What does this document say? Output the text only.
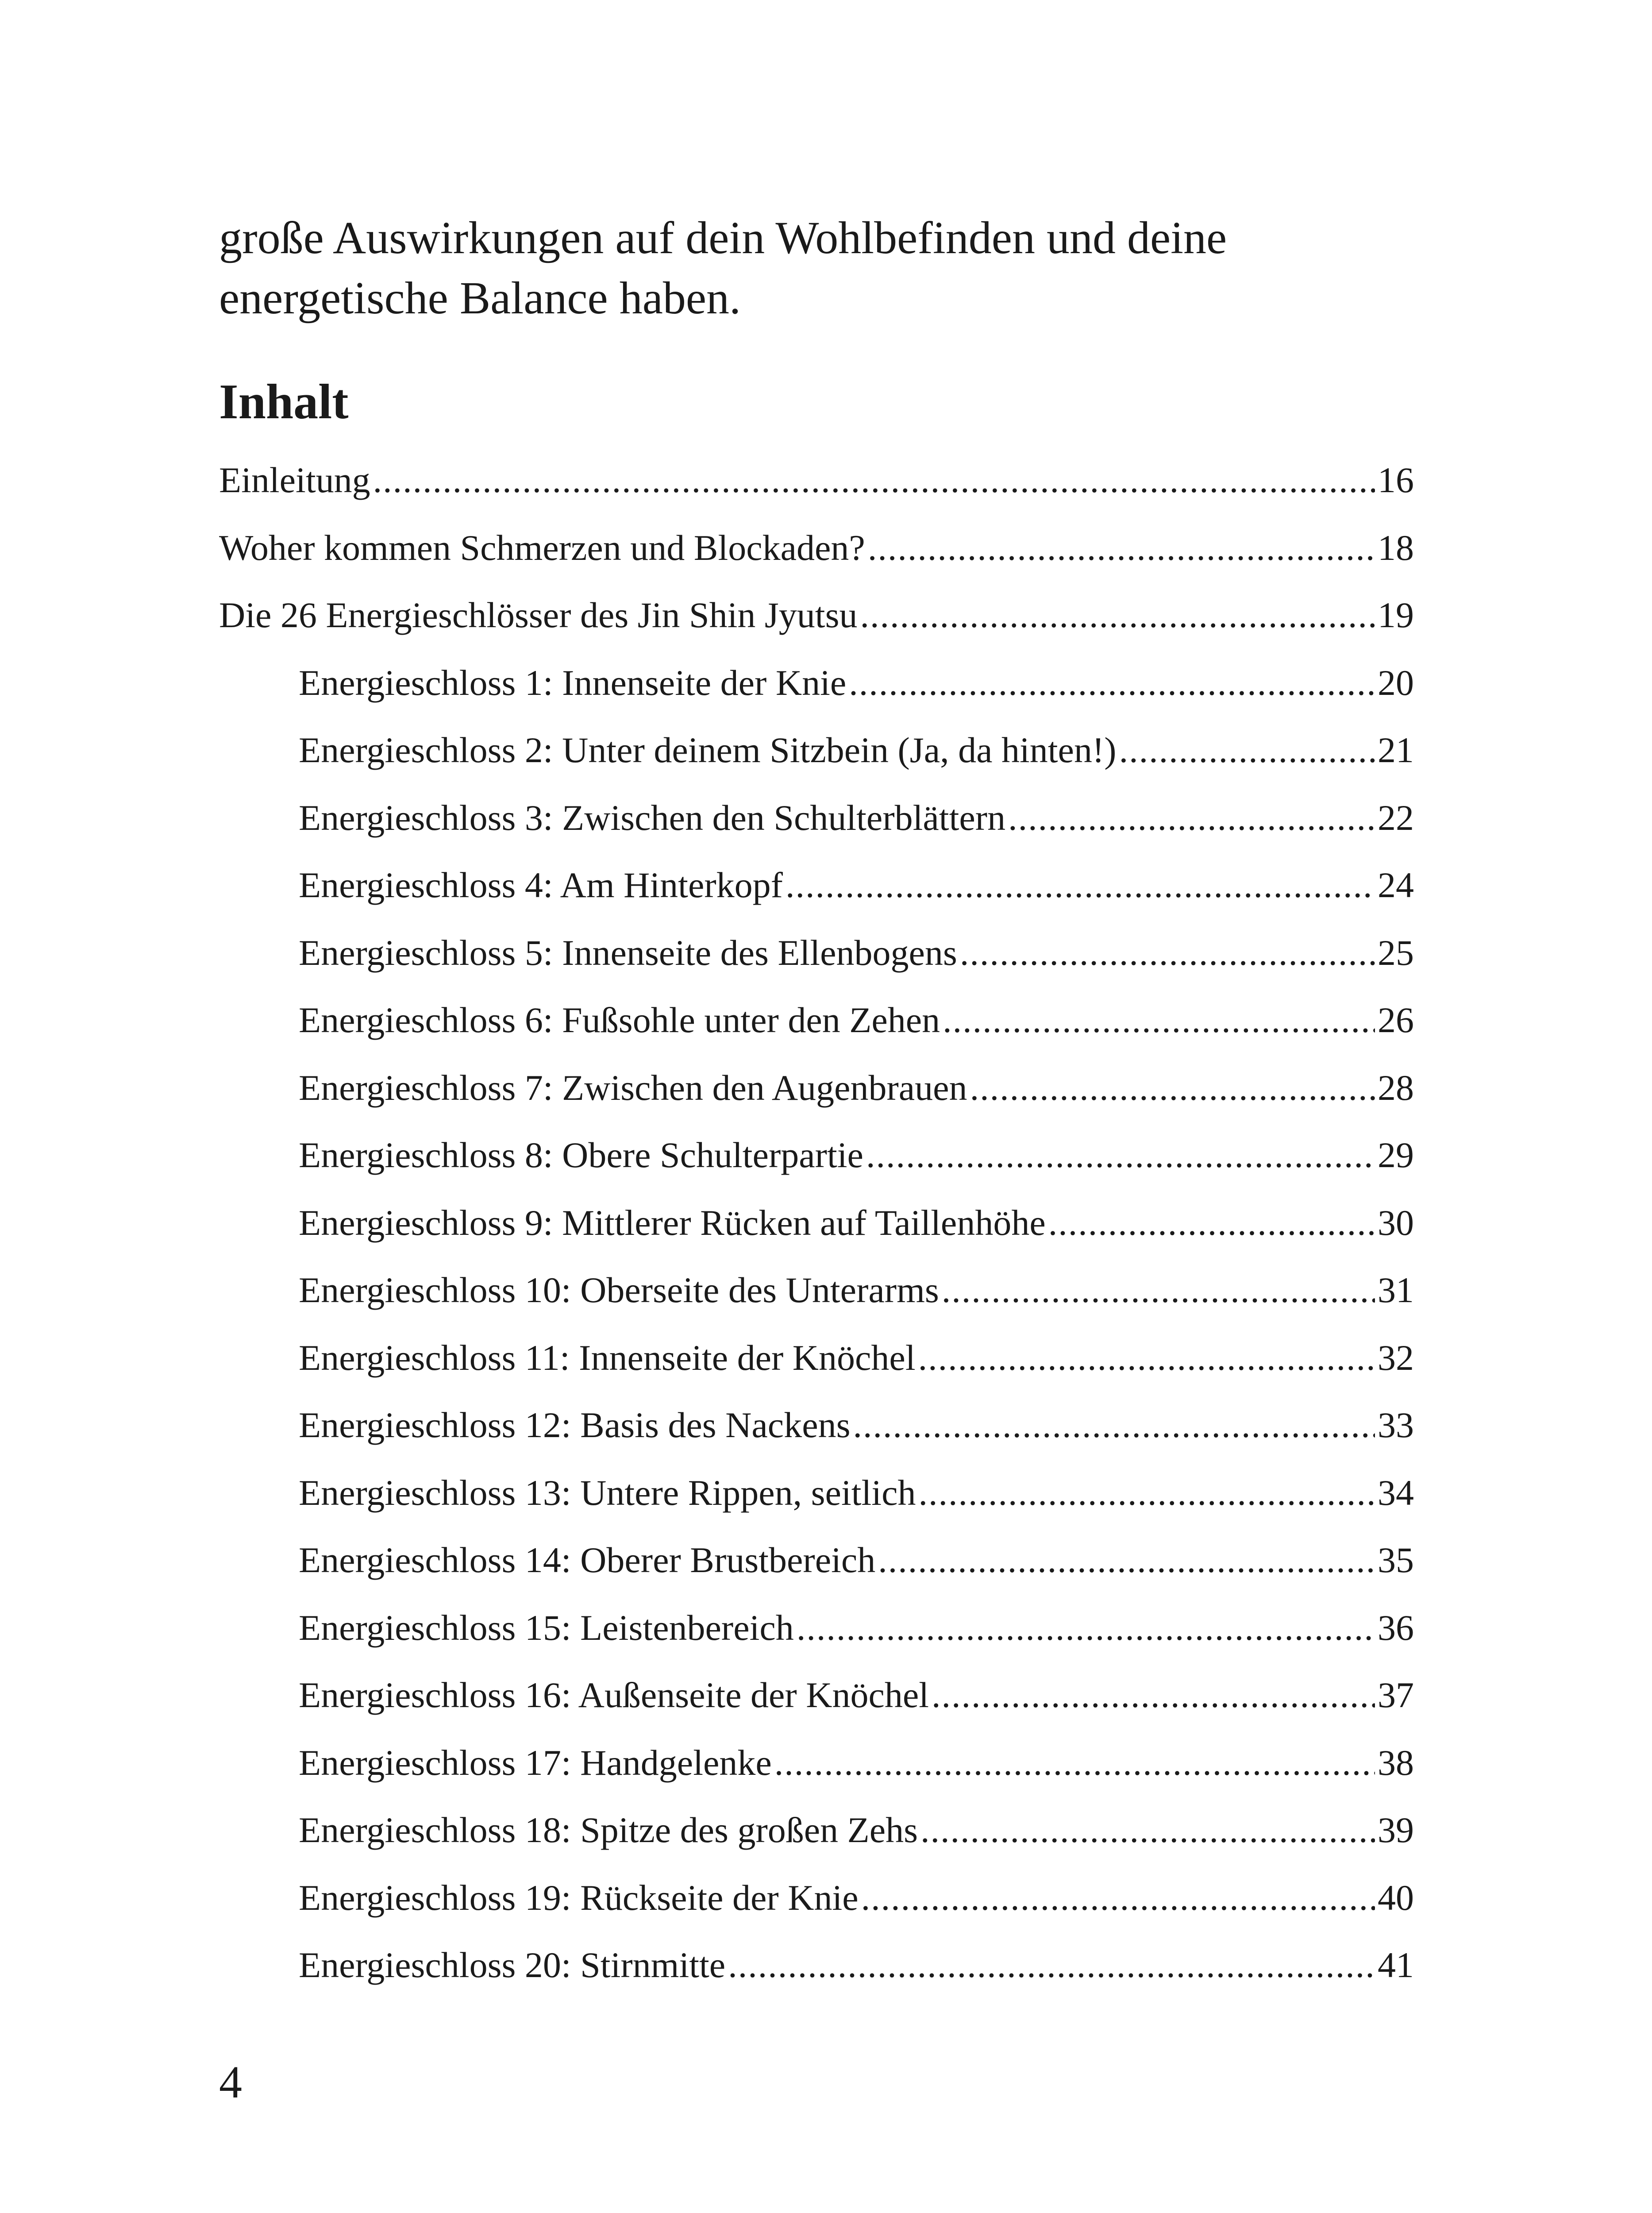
große Auswirkungen auf dein Wohlbefinden und deine

energetische Balance haben.

Inhalt
Einleitung .....	16
Woher kommen Schmerzen und Blockaden? .....	18
Die 26 Energieschlösser des Jin Shin Jyutsu .....	19
Energieschloss 1: Innenseite der Knie .....	20
Energieschloss 2: Unter deinem Sitzbein (Ja, da hinten!) .....	21
Energieschloss 3: Zwischen den Schulterblättern .....	22
Energieschloss 4: Am Hinterkopf .....	24
Energieschloss 5: Innenseite des Ellenbogens .....	25
Energieschloss 6: Fußsohle unter den Zehen .....	26
Energieschloss 7: Zwischen den Augenbrauen .....	28
Energieschloss 8: Obere Schulterpartie .....	29
Energieschloss 9: Mittlerer Rücken auf Taillenhöhe .....	30
Energieschloss 10: Oberseite des Unterarms .....	31
Energieschloss 11: Innenseite der Knöchel .....	32
Energieschloss 12: Basis des Nackens .....	33
Energieschloss 13: Untere Rippen, seitlich .....	34
Energieschloss 14: Oberer Brustbereich .....	35
Energieschloss 15: Leistenbereich .....	36
Energieschloss 16: Außenseite der Knöchel .....	37
Energieschloss 17: Handgelenke .....	38
Energieschloss 18: Spitze des großen Zehs .....	39
Energieschloss 19: Rückseite der Knie .....	40
Energieschloss 20: Stirnmitte .....	41
4
